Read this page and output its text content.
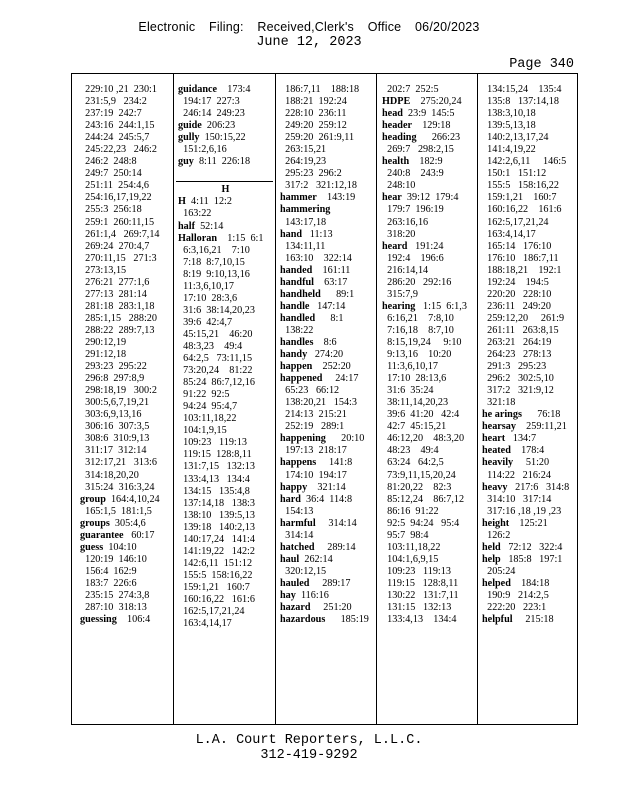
Electronic Filing: Received,Clerk's Office 06/20/2023
June 12, 2023
Page 340
229:10 ,21  230:1
231:5,9   234:2
237:19  242:7
243:16  244:1,15
244:24  245:5,7
245:22,23   246:2
246:2  248:8
249:7  250:14
251:11  254:4,6
254:16,17,19,22
255:3  256:18
259:1  260:11,15
261:1,4   269:7,14
269:24  270:4,7
270:11,15   271:3
273:13,15
276:21  277:1,6
277:13  281:14
281:18  283:1,18
285:1,15   288:20
288:22  289:7,13
290:12,19
291:12,18
293:23  295:22
296:8  297:8,9
298:18,19   300:2
300:5,6,7,19,21
303:6,9,13,16
306:16  307:3,5
308:6  310:9,13
311:17  312:14
312:17,21   313:6
314:18,20,20
315:24  316:3,24
group  164:4,10,24
165:1,5  181:1,5
groups  305:4,6
guarantee   60:17
guess  104:10
120:19  146:10
156:4  162:9
183:7  226:6
235:15  274:3,8
287:10  318:13
guessing    106:4
guidance    173:4
194:17  227:3
246:14  249:23
guide  206:23
gully  150:15,22
151:2,6,16
guy  8:11  226:18
H
H  4:11  12:2
163:22
half  52:14
Halloran    1:15  6:1
6:3,16,21    7:10
7:18  8:7,10,15
8:19  9:10,13,16
11:3,6,10,17
17:10  28:3,6
31:6  38:14,20,23
39:6  42:4,7
45:15,21    46:20
48:3,23    49:4
64:2,5   73:11,15
73:20,24    81:22
85:24  86:7,12,16
91:22  92:5
94:24  95:4,7
103:11,18,22
104:1,9,15
109:23   119:13
119:15  128:8,11
131:7,15   132:13
133:4,13   134:4
134:15   135:4,8
137:14,18   138:3
138:10   139:5,13
139:18   140:2,13
140:17,24   141:4
141:19,22   142:2
142:6,11  151:12
155:5  158:16,22
159:1,21   160:7
160:16,22   161:6
162:5,17,21,24
163:4,14,17
186:7,11    188:18
188:21  192:24
228:10  236:11
249:20  259:12
259:20  261:9,11
263:15,21
264:19,23
295:23  296:2
317:2   321:12,18
hammer    143:19
hammering
143:17,18
hand   11:13
134:11,11
163:10    322:14
handed    161:11
handful    63:17
handheld      89:1
handle   147:14
handled      8:1
138:22
handles    8:6
handy   274:20
happen    252:20
happened     24:17
65:23   66:12
138:20,21   154:3
214:13  215:21
252:19   289:1
happening      20:10
197:13  218:17
happens     141:8
174:10  194:17
happy    321:14
hard  36:4  114:8
154:13
harmful     314:14
314:14
hatched     289:14
haul  262:14
320:12,15
hauled     289:17
hay  116:16
hazard     251:20
hazardous      185:19
202:7  252:5
HDPE    275:20,24
head  23:9  145:5
header    129:18
heading      266:23
269:7   298:2,15
health    182:9
240:8    243:9
248:10
hear  39:12  179:4
179:7  196:19
263:16,16
318:20
heard   191:24
192:4    196:6
216:14,14
286:20   292:16
315:7,9
hearing   1:15  6:1,3
6:16,21    7:8,10
7:16,18    8:7,10
8:15,19,24     9:10
9:13,16    10:20
11:3,6,10,17
17:10  28:13,6
31:6  35:24
38:11,14,20,23
39:6  41:20   42:4
42:7  45:15,21
46:12,20    48:3,20
48:23    49:4
63:24   64:2,5
73:9,11,15,20,24
81:20,22    82:3
85:12,24    86:7,12
86:16  91:22
92:5  94:24   95:4
95:7  98:4
103:11,18,22
104:1,6,9,15
109:23   119:13
119:15   128:8,11
130:22   131:7,11
131:15   132:13
133:4,13    134:4
134:15,24    135:4
135:8   137:14,18
138:3,10,18
139:5,13,18
140:2,13,17,24
141:4,19,22
142:2,6,11     146:5
150:1   151:12
155:5   158:16,22
159:1,21    160:7
160:16,22    161:6
162:5,17,21,24
163:4,14,17
165:14   176:10
176:10   186:7,11
188:18,21    192:1
192:24    194:5
220:20   228:10
236:11   249:20
259:12,20     261:9
261:11   263:8,15
263:21   264:19
264:23   278:13
291:3   295:23
296:2   302:5,10
317:2   321:9,12
321:18
he arings      76:18
hearsay    259:11,21
heart   134:7
heated    178:4
heavily     51:20
114:22   216:24
heavy   217:6   314:8
314:10   317:14
317:16 ,18 ,19 ,23
height    125:21
126:2
held   72:12   322:4
help   185:8   197:1
205:24
helped    184:18
190:9   214:2,5
222:20   223:1
helpful     215:18
L.A. Court Reporters, L.L.C.
312-419-9292
